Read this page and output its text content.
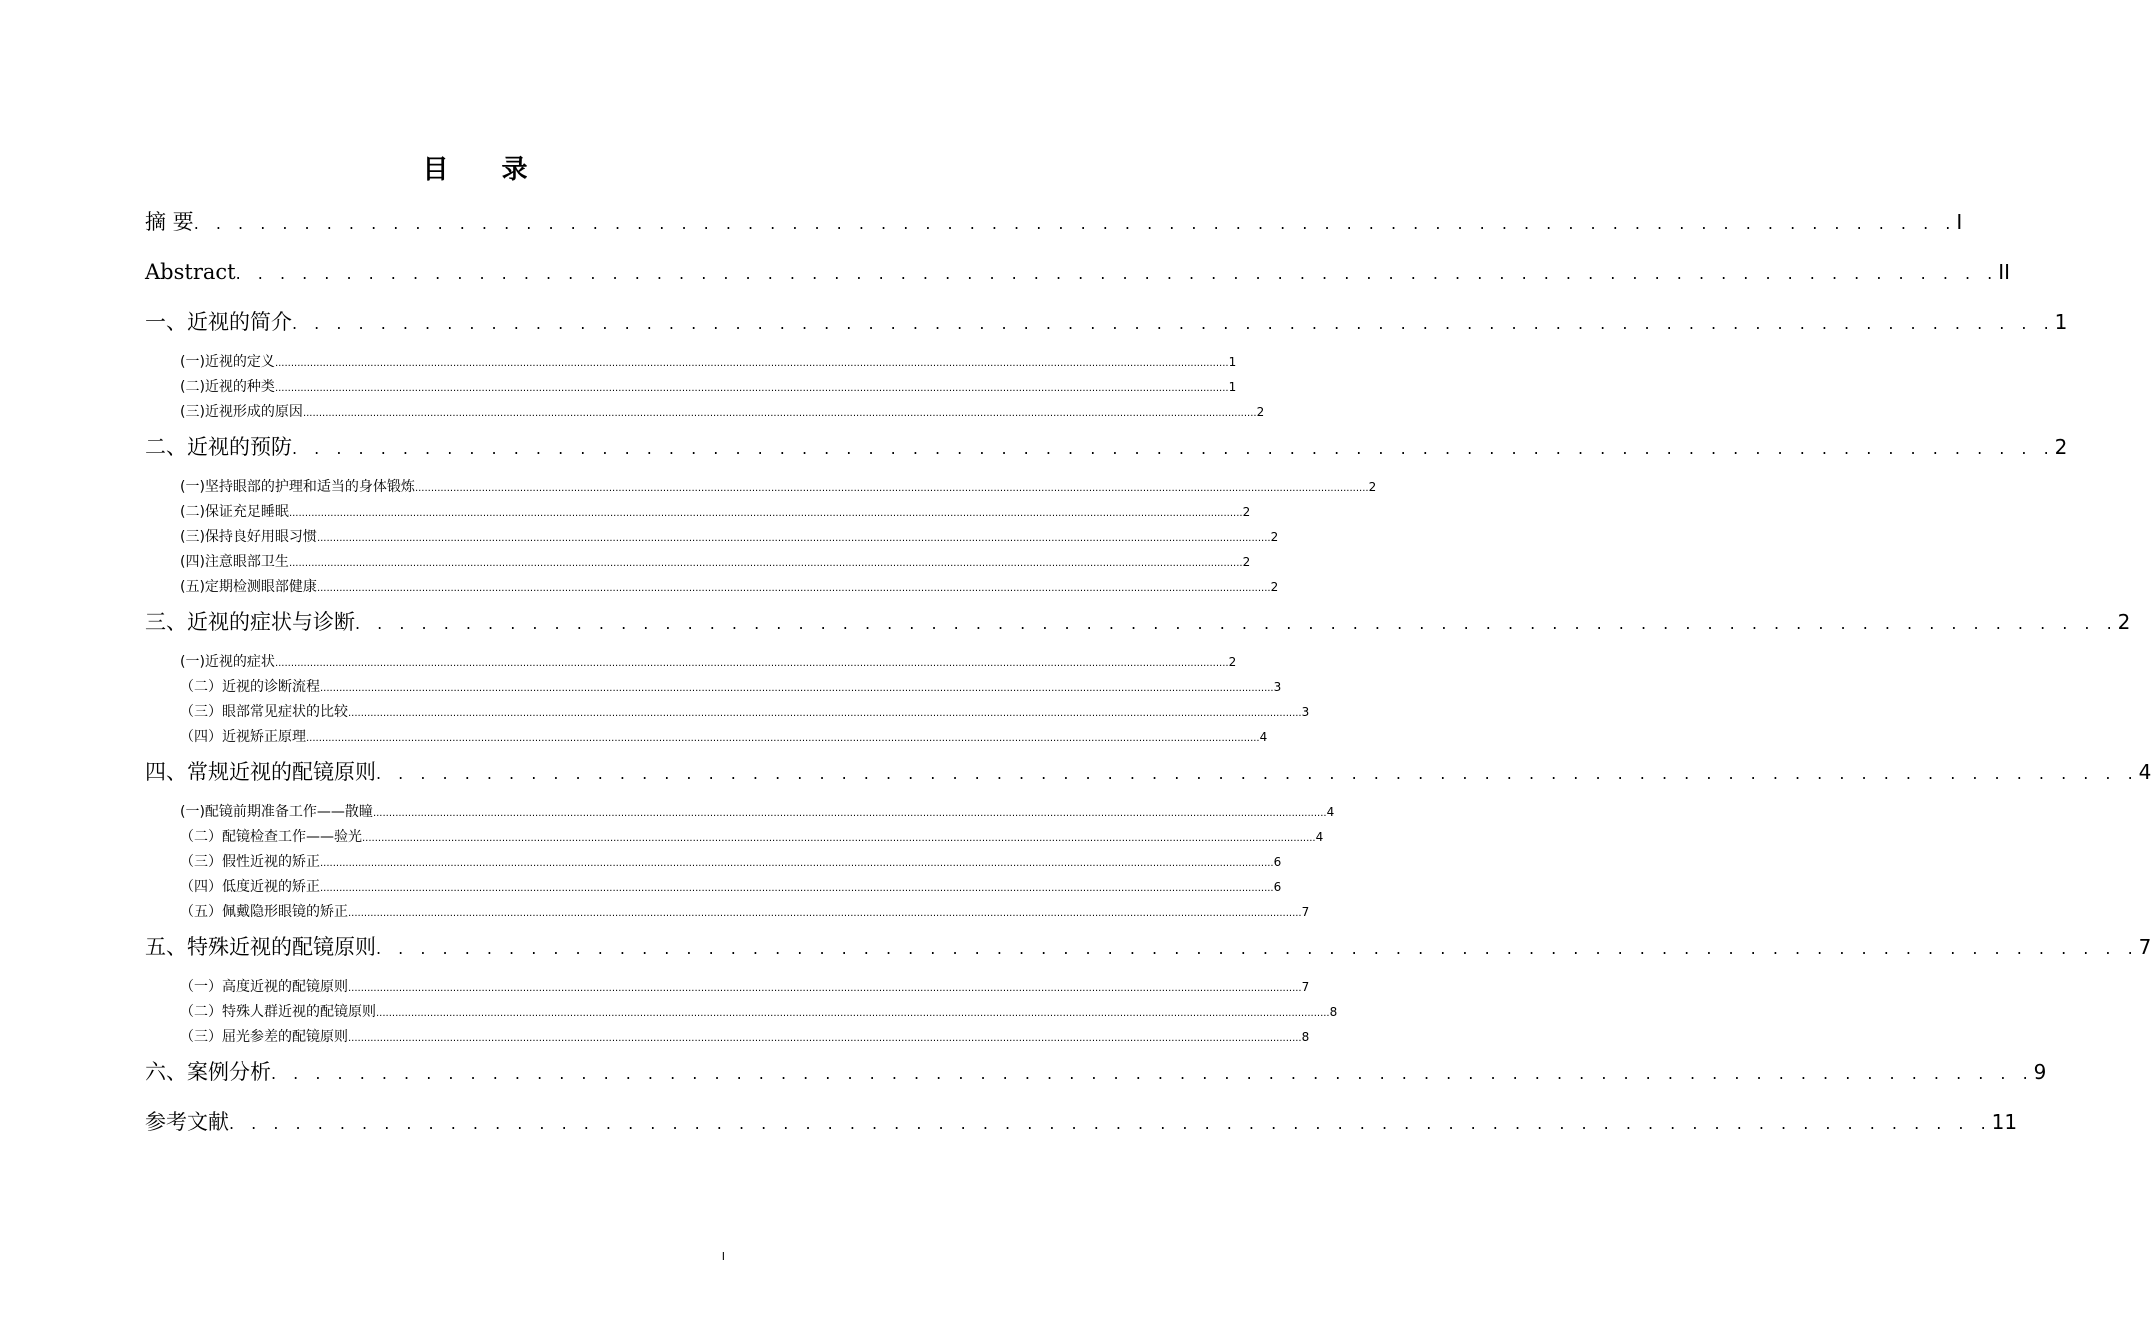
目 录
摘 要 . . . . . . . . . . . . . . . . . . . . . . . . . . . . . . . . . . . . . . . . . . . . . . . . . . . . . . . . . . . . . . . . . . . . . . . . . . . . . . . . I
Abstract . . . . . . . . . . . . . . . . . . . . . . . . . . . . . . . . . . . . . . . . . . . . . . . . . . . . . . . . . . . . . . . . . . . . . . . . . . . . . . . . II
一、近视的简介 . . . . . . . . . . . . . . . . . . . . . . . . . . . . . . . . . . . . . . . . . . . . . . . . . . . . . . . . . . . . . . . . . . . . . . . . . . . . . . . . 1
(一)近视的定义 ............................................................................................................................................................................................................................................................................................................ 1
(二)近视的种类 ............................................................................................................................................................................................................................................................................................................ 1
(三)近视形成的原因 ............................................................................................................................................................................................................................................................................................................ 2
二、近视的预防 . . . . . . . . . . . . . . . . . . . . . . . . . . . . . . . . . . . . . . . . . . . . . . . . . . . . . . . . . . . . . . . . . . . . . . . . . . . . . . . . 2
(一)坚持眼部的护理和适当的身体锻炼 ............................................................................................................................................................................................................................................................................................................ 2
(二)保证充足睡眠 ............................................................................................................................................................................................................................................................................................................ 2
(三)保持良好用眼习惯 ............................................................................................................................................................................................................................................................................................................ 2
(四)注意眼部卫生 ............................................................................................................................................................................................................................................................................................................ 2
(五)定期检测眼部健康 ............................................................................................................................................................................................................................................................................................................ 2
三、近视的症状与诊断 . . . . . . . . . . . . . . . . . . . . . . . . . . . . . . . . . . . . . . . . . . . . . . . . . . . . . . . . . . . . . . . . . . . . . . . . . . . . . . . . 2
(一)近视的症状 ............................................................................................................................................................................................................................................................................................................ 2
（二）近视的诊断流程 ............................................................................................................................................................................................................................................................................................................ 3
（三）眼部常见症状的比较 ............................................................................................................................................................................................................................................................................................................ 3
（四）近视矫正原理 ............................................................................................................................................................................................................................................................................................................ 4
四、常规近视的配镜原则 . . . . . . . . . . . . . . . . . . . . . . . . . . . . . . . . . . . . . . . . . . . . . . . . . . . . . . . . . . . . . . . . . . . . . . . . . . . . . . . . 4
(一)配镜前期准备工作——散瞳 ............................................................................................................................................................................................................................................................................................................ 4
（二）配镜检查工作——验光 ............................................................................................................................................................................................................................................................................................................ 4
（三）假性近视的矫正 ............................................................................................................................................................................................................................................................................................................ 6
（四）低度近视的矫正 ............................................................................................................................................................................................................................................................................................................ 6
（五）佩戴隐形眼镜的矫正 ............................................................................................................................................................................................................................................................................................................ 7
五、特殊近视的配镜原则 . . . . . . . . . . . . . . . . . . . . . . . . . . . . . . . . . . . . . . . . . . . . . . . . . . . . . . . . . . . . . . . . . . . . . . . . . . . . . . . . 7
（一）高度近视的配镜原则 ............................................................................................................................................................................................................................................................................................................ 7
（二）特殊人群近视的配镜原则 ............................................................................................................................................................................................................................................................................................................ 8
（三）屈光参差的配镜原则 ............................................................................................................................................................................................................................................................................................................ 8
六、案例分析 . . . . . . . . . . . . . . . . . . . . . . . . . . . . . . . . . . . . . . . . . . . . . . . . . . . . . . . . . . . . . . . . . . . . . . . . . . . . . . . . 9
参考文献 . . . . . . . . . . . . . . . . . . . . . . . . . . . . . . . . . . . . . . . . . . . . . . . . . . . . . . . . . . . . . . . . . . . . . . . . . . . . . . . . 11
I
